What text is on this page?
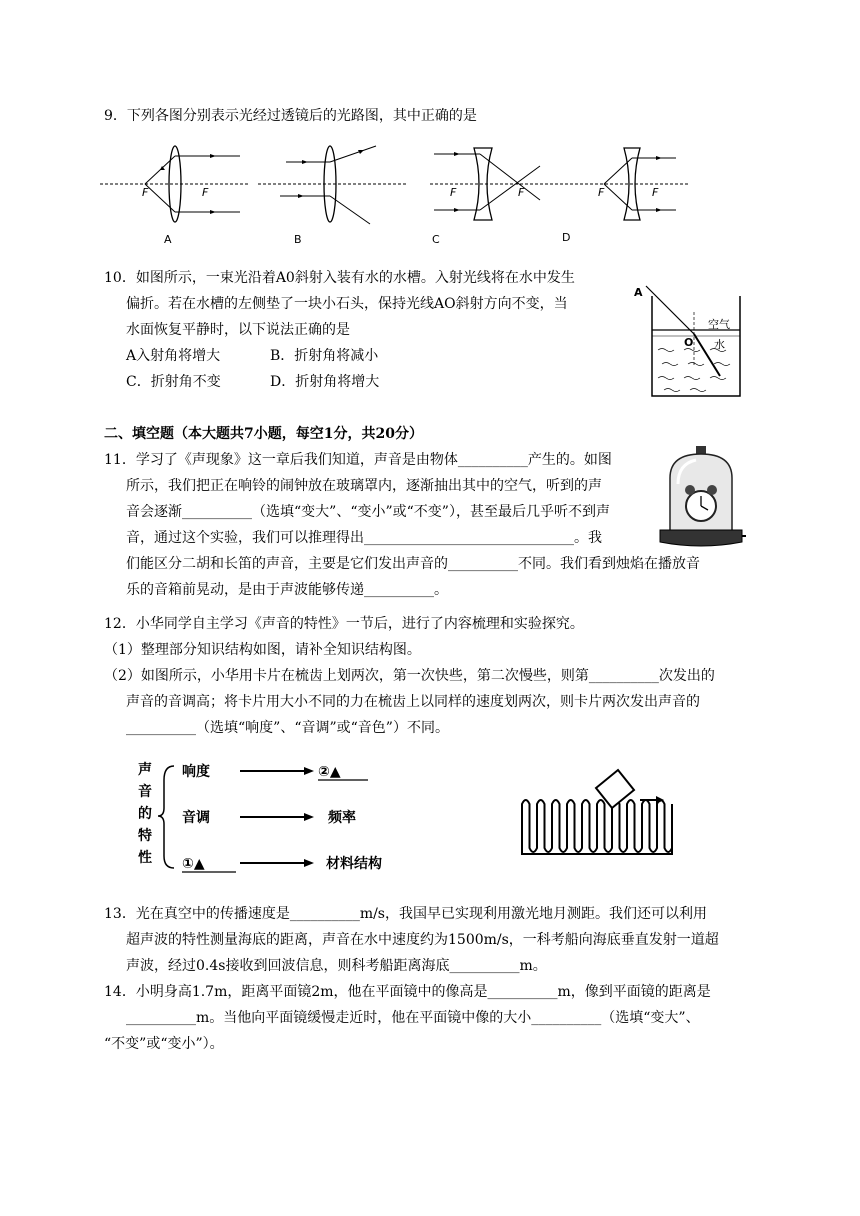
9．下列各图分别表示光经过透镜后的光路图，其中正确的是
F	F
A	B
F	F
C
F	F
D
10．如图所示，一束光沿着A0斜射入装有水的水槽。入射光线将在水中发生
偏折。若在水槽的左侧垫了一块小石头，保持光线AO斜射方向不变，当
水面恢复平静时，以下说法正确的是
A入射角将增大	B．折射角将减小
C．折射角不变	D．折射角将增大
A
空气
O 水
二、填空题（本大题共7小题，每空1分，共20分）
11．学习了《声现象》这一章后我们知道，声音是由物体__________产生的。如图
所示，我们把正在响铃的闹钟放在玻璃罩内，逐渐抽出其中的空气，听到的声
音会逐渐__________（选填“变大”、“变小”或“不变”），甚至最后几乎听不到声
音，通过这个实验，我们可以推理得出______________________________。我
们能区分二胡和长笛的声音，主要是它们发出声音的__________不同。我们看到烛焰在播放音
乐的音箱前晃动，是由于声波能够传递__________。
12．小华同学自主学习《声音的特性》一节后，进行了内容梳理和实验探究。
（1）整理部分知识结构如图，请补全知识结构图。
（2）如图所示，小华用卡片在梳齿上划两次，第一次快些，第二次慢些，则第__________次发出的
声音的音调高；将卡片用大小不同的力在梳齿上以同样的速度划两次，则卡片两次发出声音的
__________（选填“响度”、“音调”或“音色”）不同。
声
音
的
特
性
响度	②▲
音调	频率
①▲	材料结构
13．光在真空中的传播速度是__________m/s，我国早已实现利用激光地月测距。我们还可以利用
超声波的特性测量海底的距离，声音在水中速度约为1500m/s，一科考船向海底垂直发射一道超
声波，经过0.4s接收到回波信息，则科考船距离海底__________m。
14．小明身高1.7m，距离平面镜2m，他在平面镜中的像高是__________m，像到平面镜的距离是
__________m。当他向平面镜缓慢走近时，他在平面镜中像的大小__________（选填“变大”、
“不变”或“变小”）。
